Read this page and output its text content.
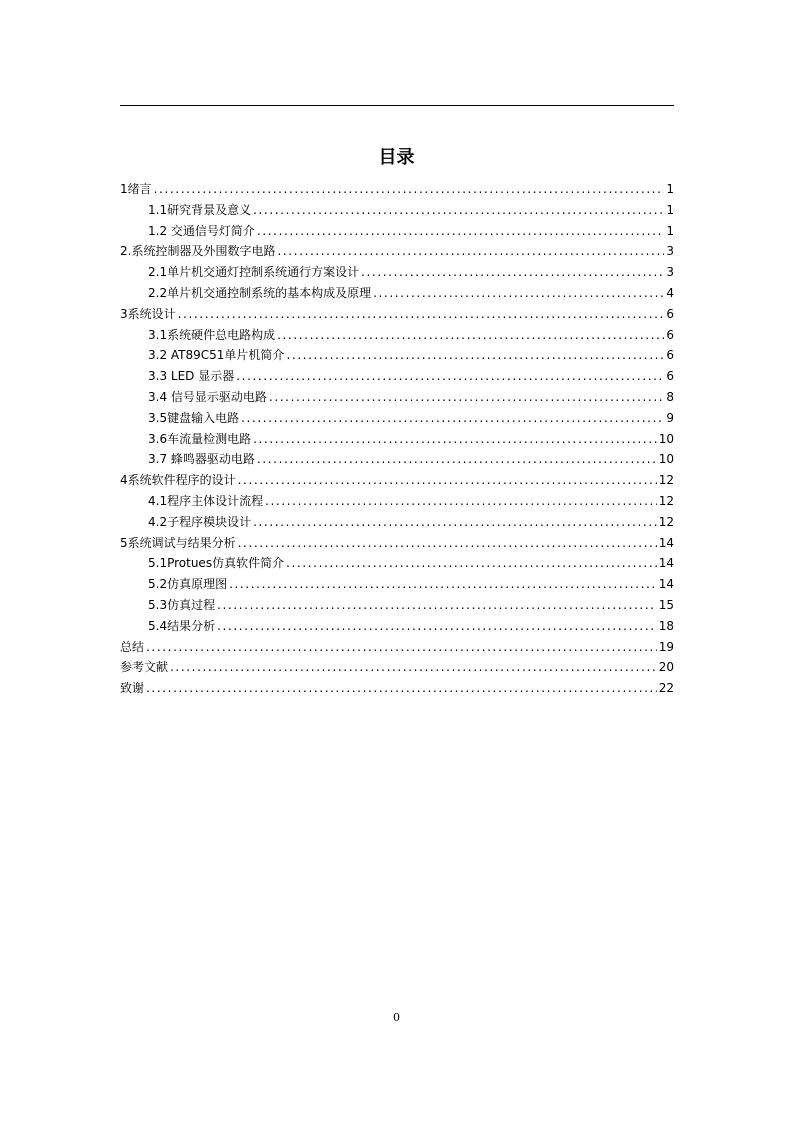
目录
1绪言 .....	1
1.1研究背景及意义 .....	1
1.2 交通信号灯简介 .....	1
2.系统控制器及外围数字电路 .....	3
2.1单片机交通灯控制系统通行方案设计 .....	3
2.2单片机交通控制系统的基本构成及原理 .....	4
3系统设计 .....	6
3.1系统硬件总电路构成 .....	6
3.2 AT89C51单片机简介 .....	6
3.3 LED 显示器 .....	6
3.4 信号显示驱动电路 .....	8
3.5键盘输入电路 .....	9
3.6车流量检测电路 .....	10
3.7 蜂鸣器驱动电路 .....	10
4系统软件程序的设计 .....	12
4.1程序主体设计流程 .....	12
4.2子程序模块设计 .....	12
5系统调试与结果分析 .....	14
5.1Protues仿真软件简介 .....	14
5.2仿真原理图 .....	14
5.3仿真过程 .....	15
5.4结果分析 .....	18
总结 .....	19
参考文献 .....	20
致谢 .....	22
0
